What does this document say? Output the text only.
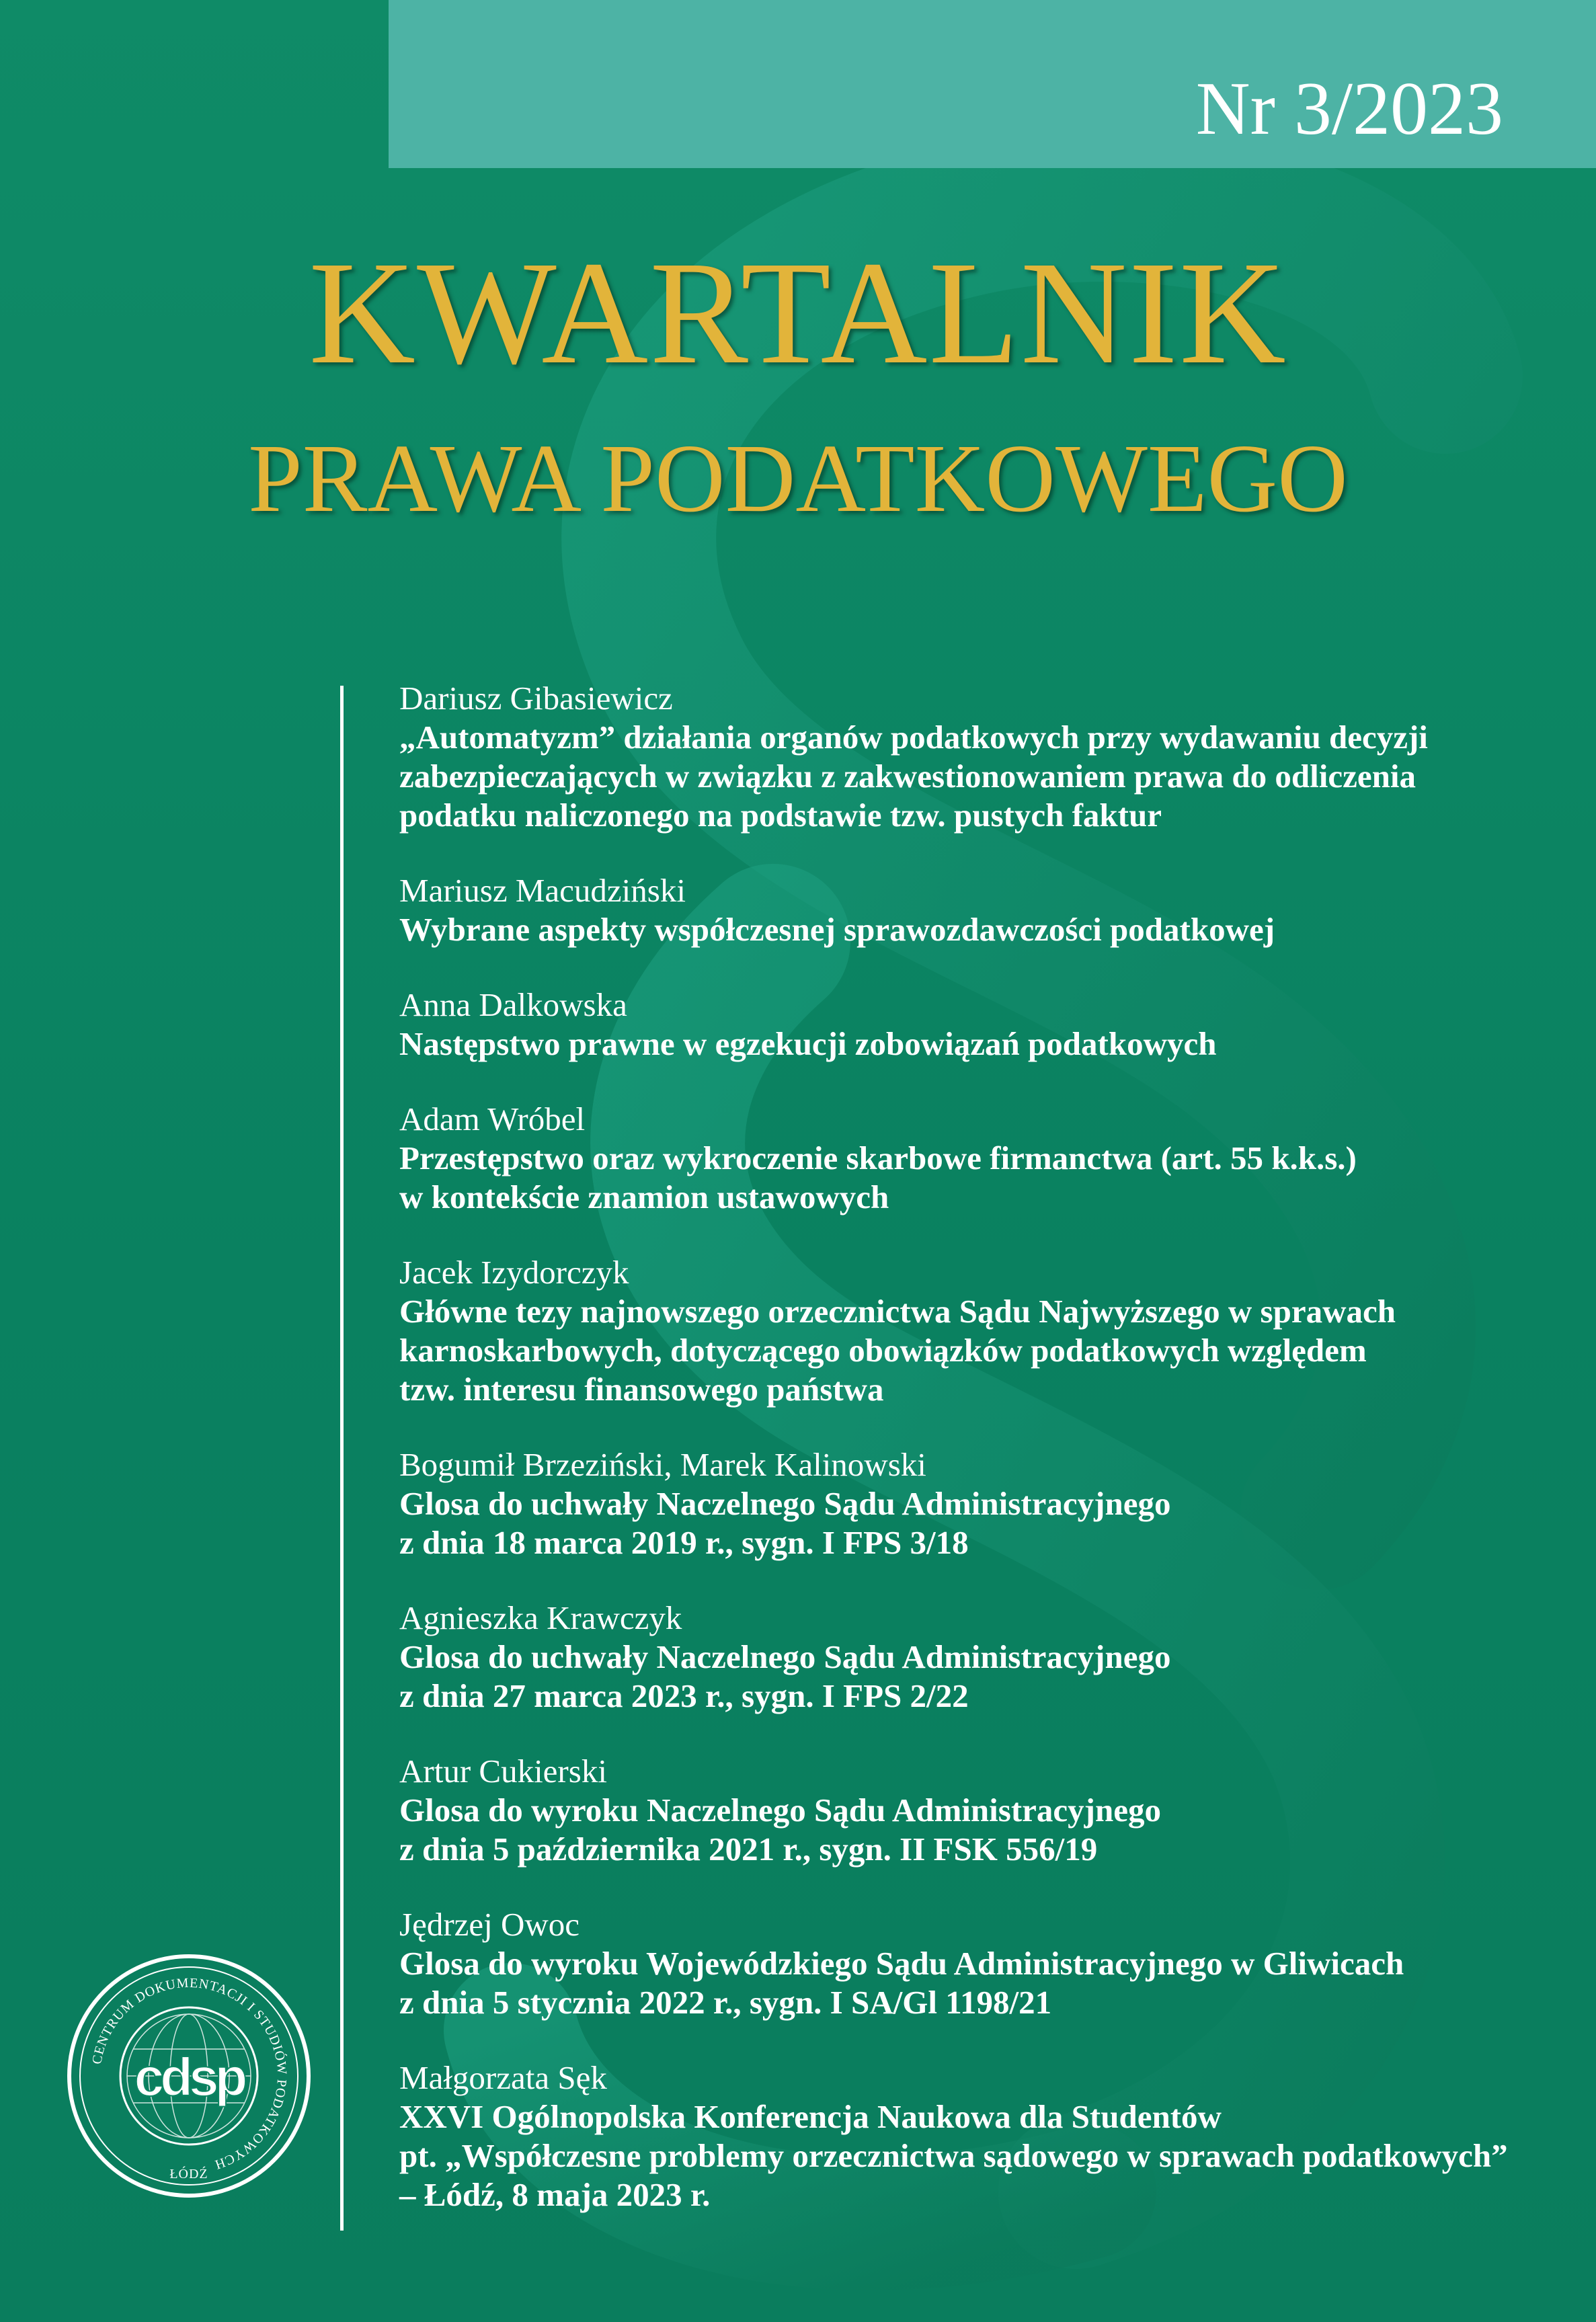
Nr 3/2023
KWARTALNIK
PRAWA PODATKOWEGO
Dariusz Gibasiewicz
„Automatyzm” działania organów podatkowych przy wydawaniu decyzji
zabezpieczających w związku z zakwestionowaniem prawa do odliczenia
podatku naliczonego na podstawie tzw. pustych faktur
Mariusz Macudziński
Wybrane aspekty współczesnej sprawozdawczości podatkowej
Anna Dalkowska
Następstwo prawne w egzekucji zobowiązań podatkowych
Adam Wróbel
Przestępstwo oraz wykroczenie skarbowe firmanctwa (art. 55 k.k.s.)
w kontekście znamion ustawowych
Jacek Izydorczyk
Główne tezy najnowszego orzecznictwa Sądu Najwyższego w sprawach
karnoskarbowych, dotyczącego obowiązków podatkowych względem
tzw. interesu finansowego państwa
Bogumił Brzeziński, Marek Kalinowski
Glosa do uchwały Naczelnego Sądu Administracyjnego
z dnia 18 marca 2019 r., sygn. I FPS 3/18
Agnieszka Krawczyk
Glosa do uchwały Naczelnego Sądu Administracyjnego
z dnia 27 marca 2023 r., sygn. I FPS 2/22
Artur Cukierski
Glosa do wyroku Naczelnego Sądu Administracyjnego
z dnia 5 października 2021 r., sygn. II FSK 556/19
Jędrzej Owoc
Glosa do wyroku Wojewódzkiego Sądu Administracyjnego w Gliwicach
z dnia 5 stycznia 2022 r., sygn. I SA/Gl 1198/21
Małgorzata Sęk
XXVI Ogólnopolska Konferencja Naukowa dla Studentów
pt. „Współczesne problemy orzecznictwa sądowego w sprawach podatkowych”
– Łódź, 8 maja 2023 r.
CENTRUM DOKUMENTACJI I STUDIÓW PODATKOWYCH
ŁÓDŹ
cdsp
